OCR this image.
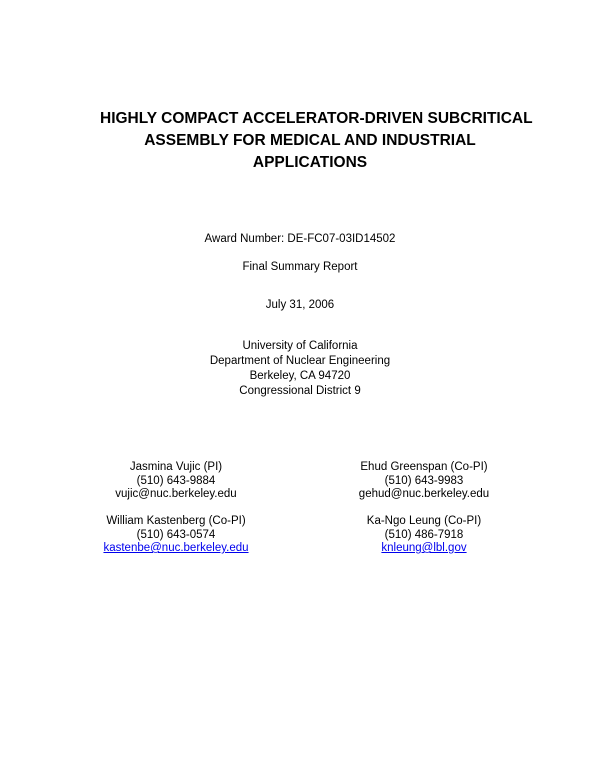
HIGHLY COMPACT ACCELERATOR-DRIVEN SUBCRITICAL
ASSEMBLY FOR MEDICAL AND INDUSTRIAL
APPLICATIONS
Award Number: DE-FC07-03ID14502
Final Summary Report
July 31, 2006
University of California
Department of Nuclear Engineering
Berkeley, CA 94720
Congressional District 9
Jasmina Vujic (PI)
(510) 643-9884
vujic@nuc.berkeley.edu
Ehud Greenspan (Co-PI)
(510) 643-9983
gehud@nuc.berkeley.edu
William Kastenberg (Co-PI)
(510) 643-0574
kastenbe@nuc.berkeley.edu
Ka-Ngo Leung (Co-PI)
(510) 486-7918
knleung@lbl.gov
